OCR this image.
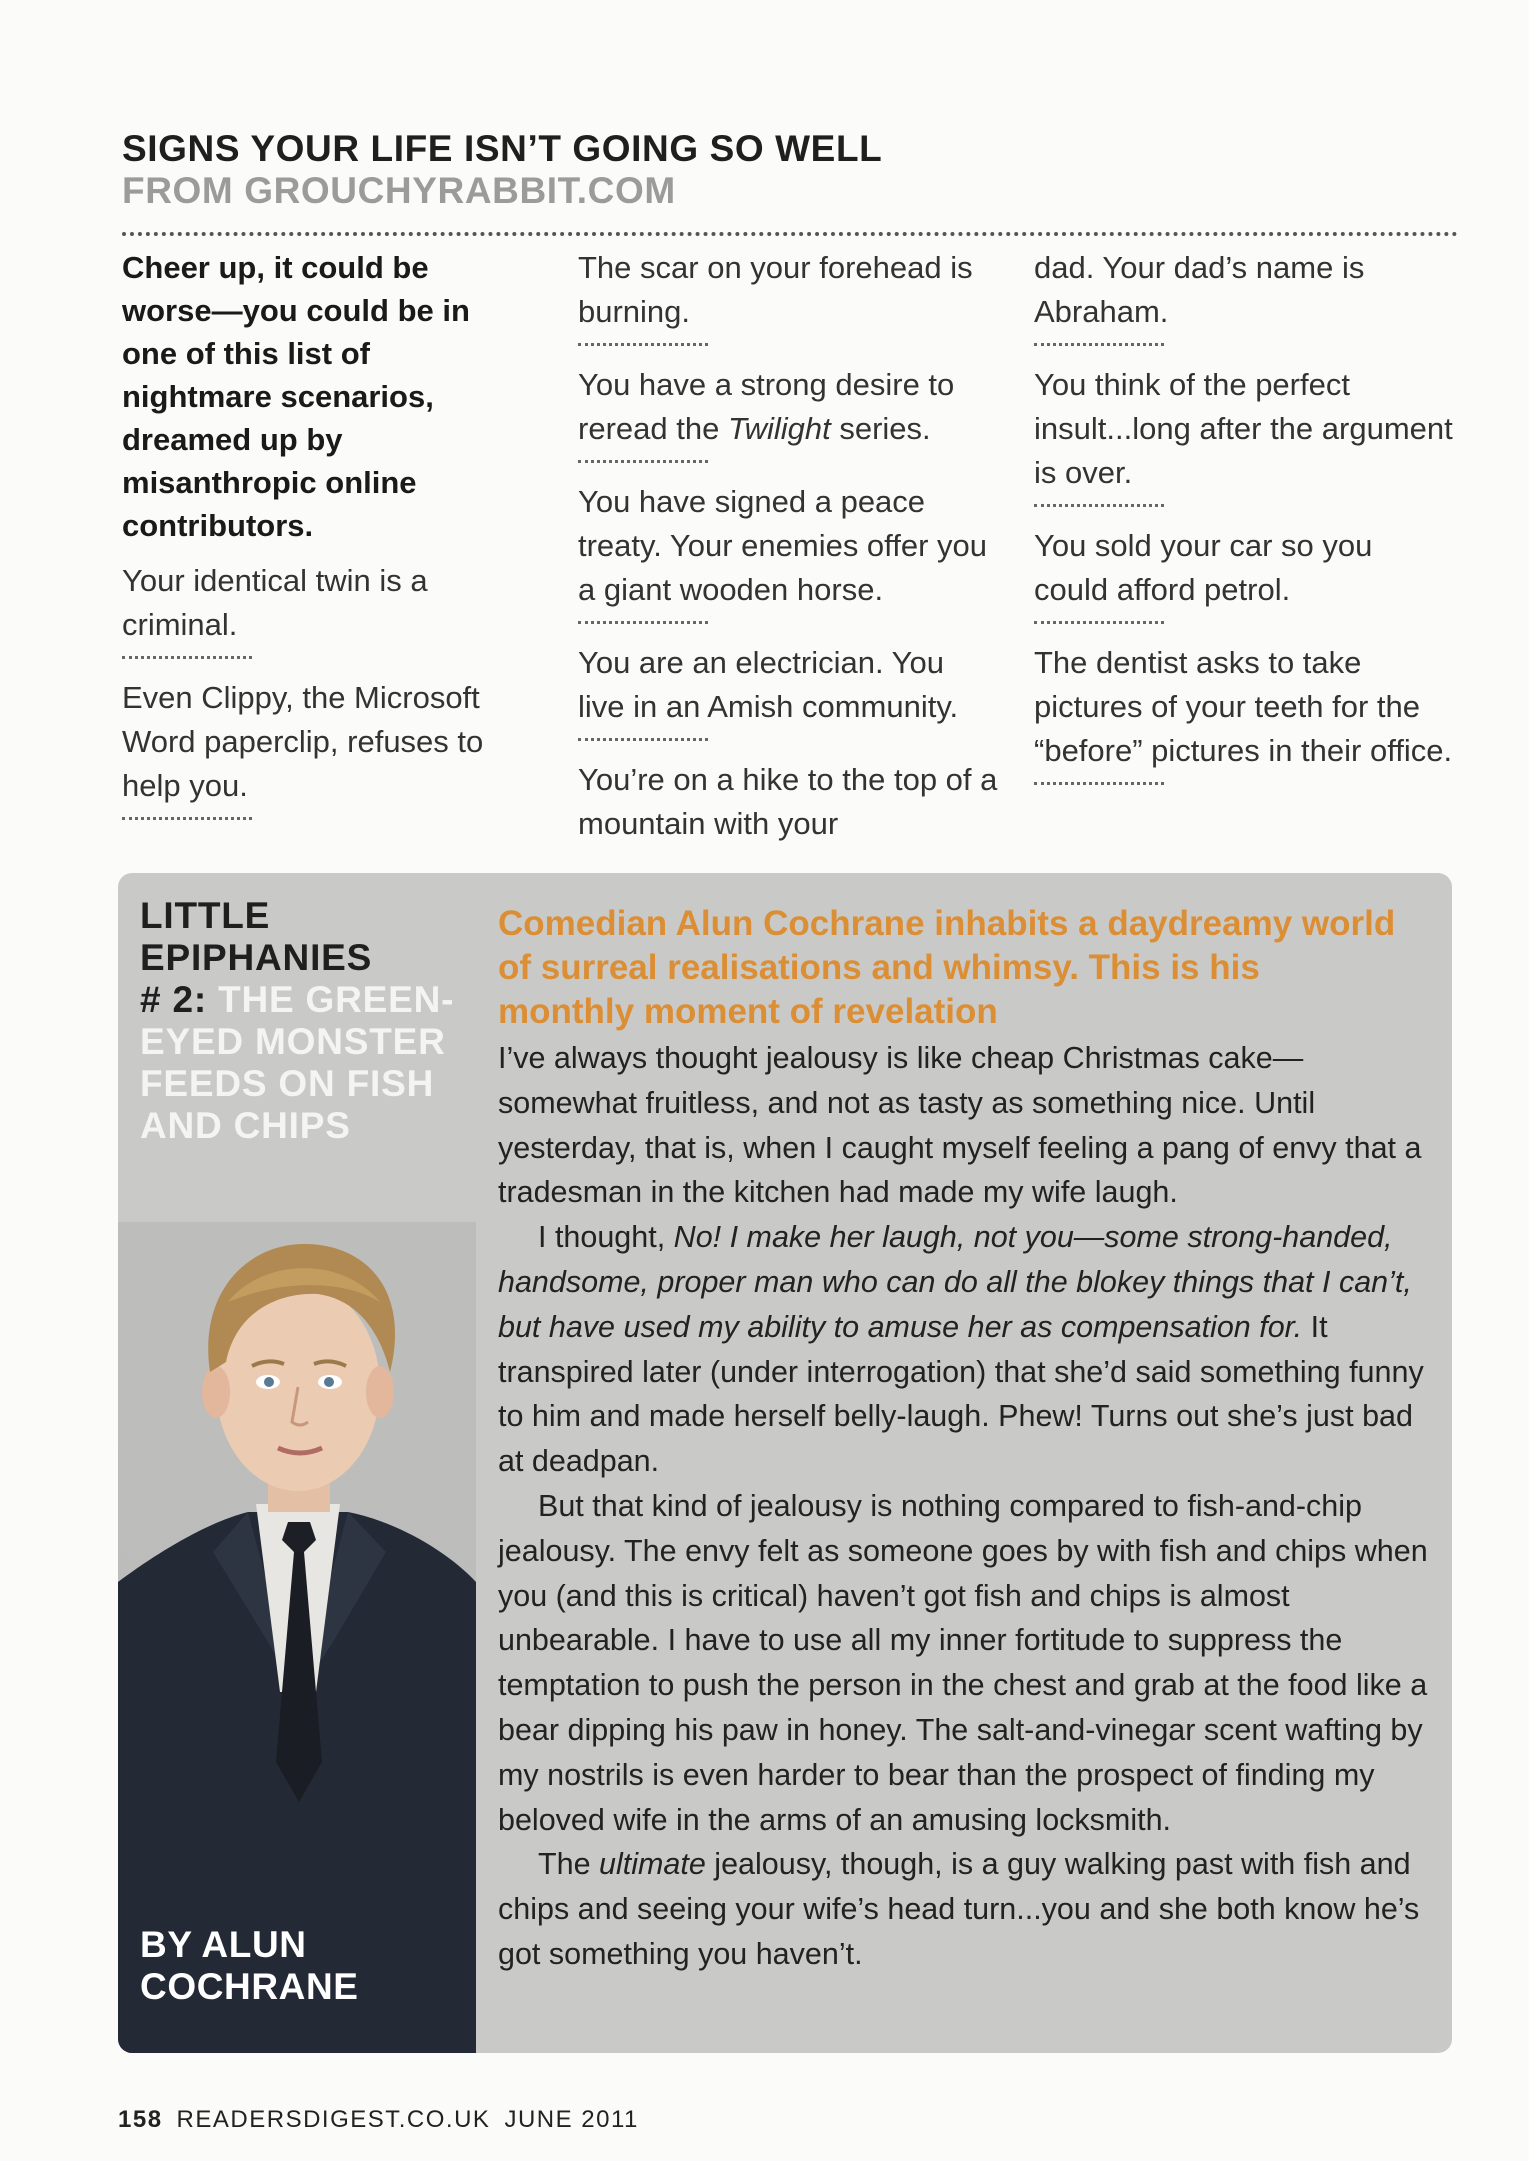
SIGNS YOUR LIFE ISN’T GOING SO WELL
FROM GROUCHYRABBIT.COM

Cheer up, it could be worse—you could be in one of this list of nightmare scenarios, dreamed up by misanthropic online contributors.

Your identical twin is a criminal.

Even Clippy, the Microsoft Word paperclip, refuses to help you.

The scar on your forehead is burning.

You have a strong desire to reread the Twilight series.

You have signed a peace treaty. Your enemies offer you a giant wooden horse.

You are an electrician. You live in an Amish community.

You’re on a hike to the top of a mountain with your

dad. Your dad’s name is Abraham.

You think of the perfect insult...long after the argument is over.

You sold your car so you could afford petrol.

The dentist asks to take pictures of your teeth for the “before” pictures in their office.

LITTLE EPIPHANIES
# 2: THE GREEN-EYED MONSTER FEEDS ON FISH AND CHIPS

BY ALUN COCHRANE

Comedian Alun Cochrane inhabits a daydreamy world of surreal realisations and whimsy. This is his monthly moment of revelation

I’ve always thought jealousy is like cheap Christmas cake—somewhat fruitless, and not as tasty as something nice. Until yesterday, that is, when I caught myself feeling a pang of envy that a tradesman in the kitchen had made my wife laugh.

I thought, No! I make her laugh, not you—some strong-handed, handsome, proper man who can do all the blokey things that I can’t, but have used my ability to amuse her as compensation for. It transpired later (under interrogation) that she’d said something funny to him and made herself belly-laugh. Phew! Turns out she’s just bad at deadpan.

But that kind of jealousy is nothing compared to fish-and-chip jealousy. The envy felt as someone goes by with fish and chips when you (and this is critical) haven’t got fish and chips is almost unbearable. I have to use all my inner fortitude to suppress the temptation to push the person in the chest and grab at the food like a bear dipping his paw in honey. The salt-and-vinegar scent wafting by my nostrils is even harder to bear than the prospect of finding my beloved wife in the arms of an amusing locksmith.

The ultimate jealousy, though, is a guy walking past with fish and chips and seeing your wife’s head turn...you and she both know he’s got something you haven’t.

158 READERSDIGEST.CO.UK JUNE 2011
